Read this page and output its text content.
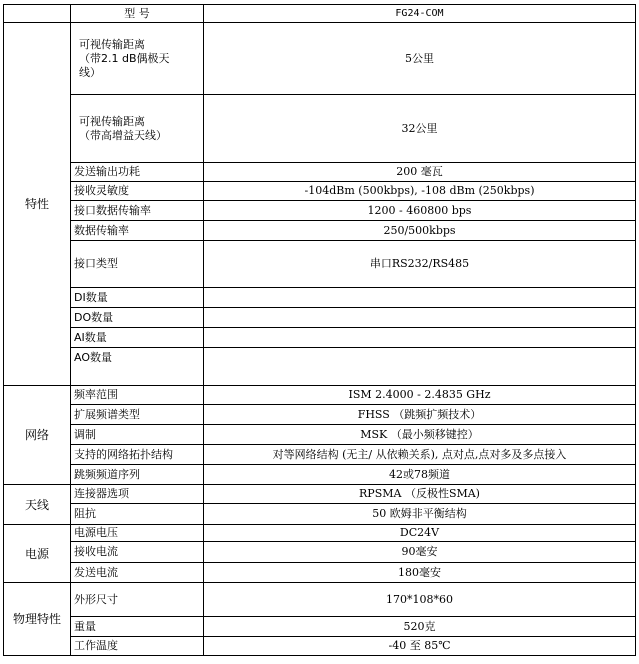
	型 号	FG24-COM
特性	可视传输距离
（带2.1 dB偶极天
线）	5公里
	可视传输距离
（带高增益天线）	32公里
	发送输出功耗	200 毫瓦
	接收灵敏度	-104dBm (500kbps), -108 dBm (250kbps)
	接口数据传输率	1200 - 460800 bps
	数据传输率	250/500kbps
	接口类型	串口RS232/RS485
	DI数量	
	DO数量	
	AI数量	
	AO数量	
网络	频率范围	ISM 2.4000 - 2.4835 GHz
	扩展频谱类型	FHSS （跳频扩频技术）
	调制	MSK （最小频移键控）
	支持的网络拓扑结构	对等网络结构 (无主/ 从依赖关系), 点对点,点对多及多点接入
	跳频频道序列	42或78频道
天线	连接器选项	RPSMA （反极性SMA)
	阻抗	50 欧姆非平衡结构
电源	电源电压	DC24V
	接收电流	90毫安
	发送电流	180毫安
物理特性	外形尺寸	170*108*60
	重量	520克
	工作温度	-40 至 85℃
